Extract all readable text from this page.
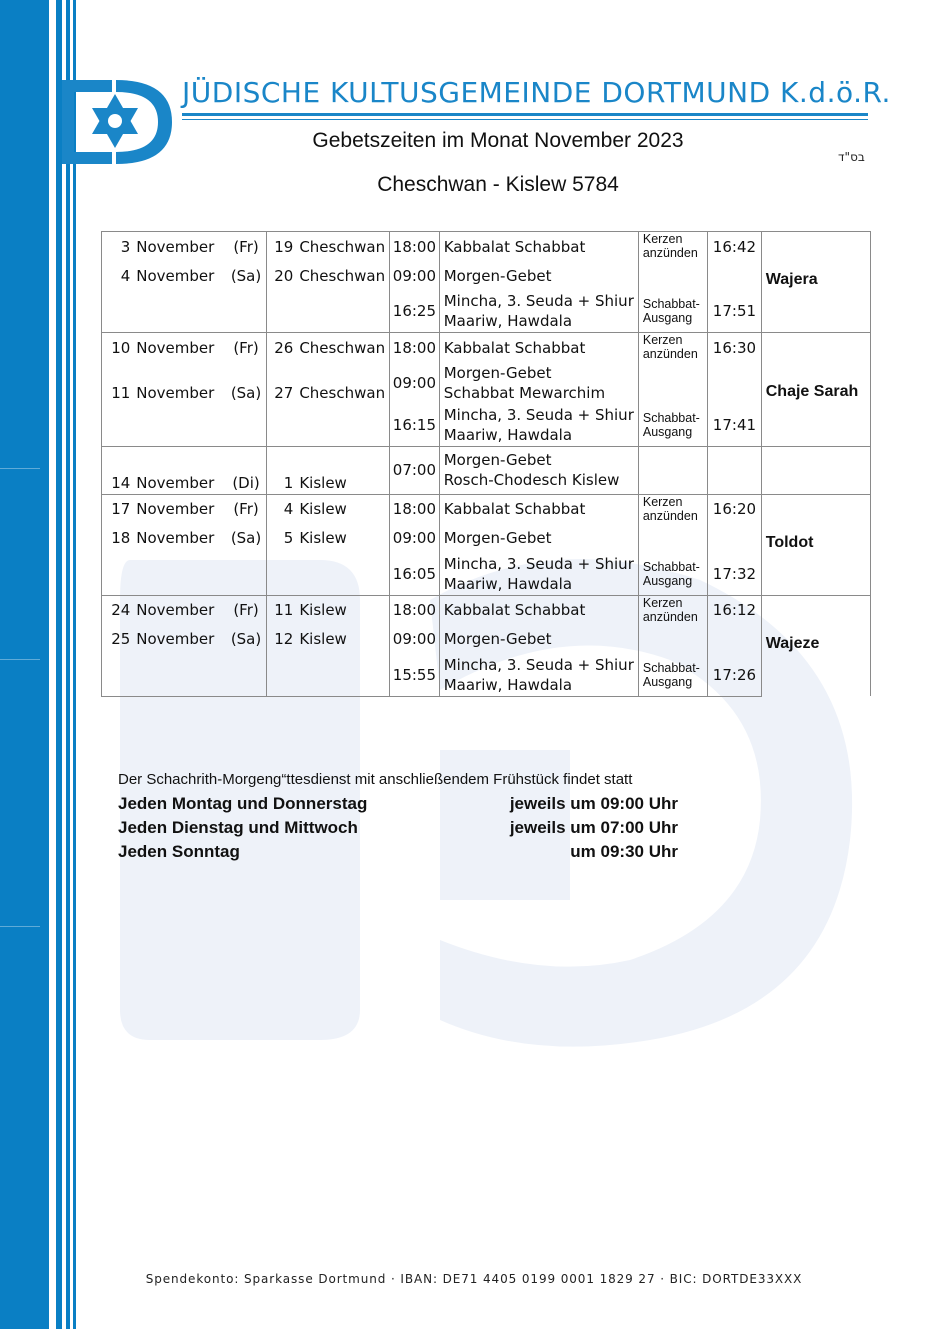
JÜDISCHE KULTUSGEMEINDE DORTMUND K.d.ö.R.
Gebetszeiten im Monat November 2023
Cheschwan - Kislew 5784
בס"ד
3	November	(Fr)	19	Cheschwan	18:00	Kabbalat Schabbat	Kerzen
anzünden	16:42	Wajera
4	November	(Sa)	20	Cheschwan	09:00	Morgen-Gebet			

					16:25	Mincha, 3. Seuda + Shiur
Maariw, Hawdala	Schabbat-
Ausgang	17:51	
10	November	(Fr)	26	Cheschwan	18:00	Kabbalat Schabbat	Kerzen
anzünden	16:30	Chaje Sarah
11	November	(Sa)	27	Cheschwan	09:00	Morgen-Gebet
Schabbat Mewarchim			

					16:15	Mincha, 3. Seuda + Shiur
Maariw, Hawdala	Schabbat-
Ausgang	17:41	
14	November	(Di)	1	Kislew	07:00	Morgen-Gebet
Rosch-Chodesch Kislew			

17	November	(Fr)	4	Kislew	18:00	Kabbalat Schabbat	Kerzen
anzünden	16:20	Toldot
18	November	(Sa)	5	Kislew	09:00	Morgen-Gebet			

					16:05	Mincha, 3. Seuda + Shiur
Maariw, Hawdala	Schabbat-
Ausgang	17:32	
24	November	(Fr)	11	Kislew	18:00	Kabbalat Schabbat	Kerzen
anzünden	16:12	Wajeze
25	November	(Sa)	12	Kislew	09:00	Morgen-Gebet			

					15:55	Mincha, 3. Seuda + Shiur
Maariw, Hawdala	Schabbat-
Ausgang	17:26	
Der Schachrith-Morgeng“ttesdienst mit anschließendem Frühstück findet statt
Jeden Montag und Donnerstag	jeweils um 09:00 Uhr
Jeden Dienstag und Mittwoch	jeweils um 07:00 Uhr
Jeden Sonntag	um 09:30 Uhr
Spendekonto: Sparkasse Dortmund · IBAN: DE71 4405 0199 0001 1829 27 · BIC: DORTDE33XXX
